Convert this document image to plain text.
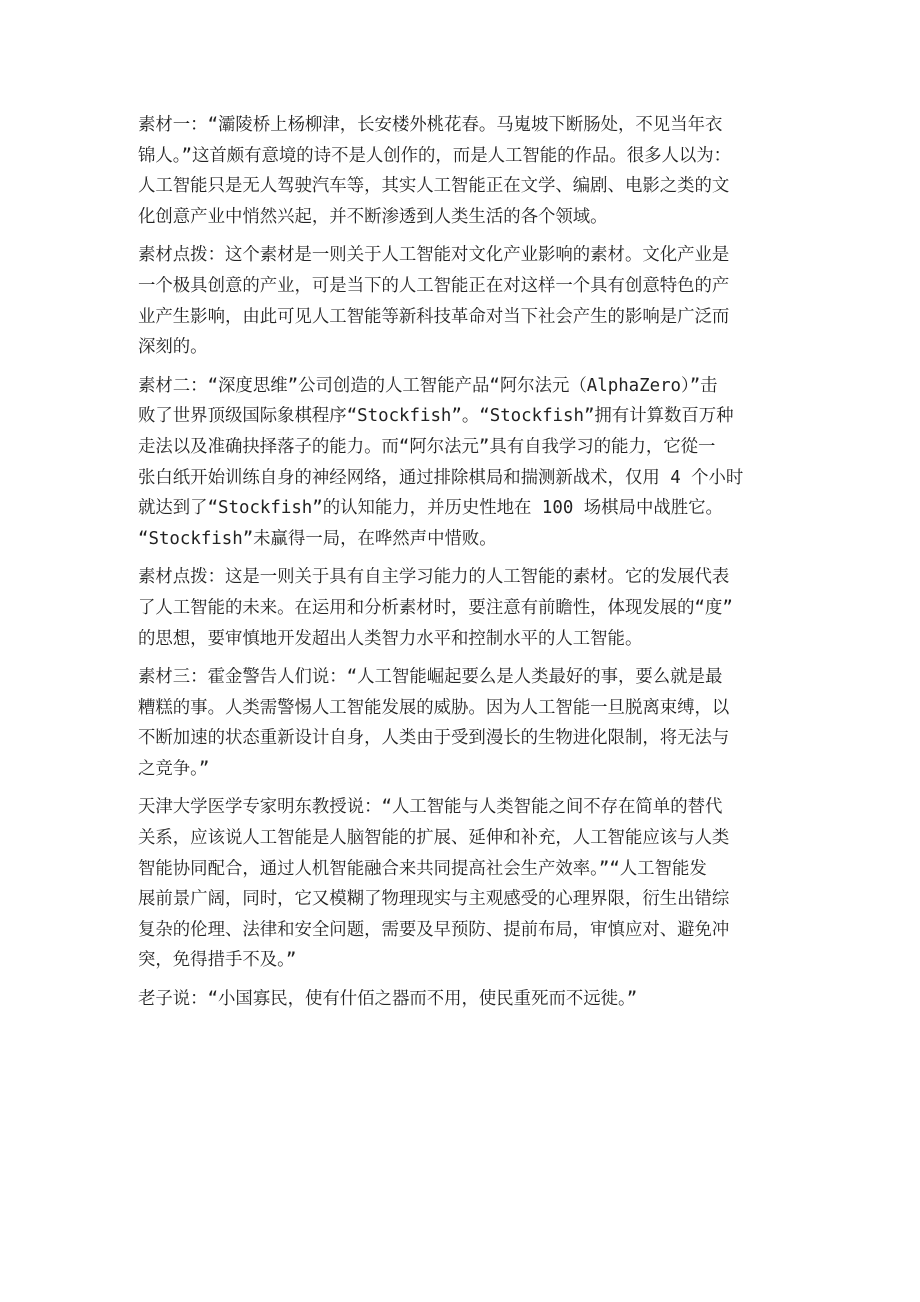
素材一：“灞陵桥上杨柳津，长安楼外桃花春。马嵬坡下断肠处，不见当年衣
锦人。”这首颇有意境的诗不是人创作的，而是人工智能的作品。很多人以为：
人工智能只是无人驾驶汽车等，其实人工智能正在文学、编剧、电影之类的文
化创意产业中悄然兴起，并不断渗透到人类生活的各个领域。

素材点拨：这个素材是一则关于人工智能对文化产业影响的素材。文化产业是
一个极具创意的产业，可是当下的人工智能正在对这样一个具有创意特色的产
业产生影响，由此可见人工智能等新科技革命对当下社会产生的影响是广泛而
深刻的。

素材二：“深度思维”公司创造的人工智能产品“阿尔法元（AlphaZero）”击
败了世界顶级国际象棋程序“Stockfish”。“Stockfish”拥有计算数百万种
走法以及准确抉择落子的能力。而“阿尔法元”具有自我学习的能力，它從一
张白纸开始训练自身的神经网络，通过排除棋局和揣测新战术，仅用 4 个小时
就达到了“Stockfish”的认知能力，并历史性地在 100 场棋局中战胜它。
“Stockfish”未赢得一局，在哗然声中惜败。

素材点拨：这是一则关于具有自主学习能力的人工智能的素材。它的发展代表
了人工智能的未来。在运用和分析素材时，要注意有前瞻性，体现发展的“度”
的思想，要审慎地开发超出人类智力水平和控制水平的人工智能。

素材三：霍金警告人们说：“人工智能崛起要么是人类最好的事，要么就是最
糟糕的事。人类需警惕人工智能发展的威胁。因为人工智能一旦脱离束缚，以
不断加速的状态重新设计自身，人类由于受到漫长的生物进化限制，将无法与
之竞争。”

天津大学医学专家明东教授说：“人工智能与人类智能之间不存在简单的替代
关系，应该说人工智能是人脑智能的扩展、延伸和补充，人工智能应该与人类
智能协同配合，通过人机智能融合来共同提高社会生产效率。”“人工智能发
展前景广阔，同时，它又模糊了物理现实与主观感受的心理界限，衍生出错综
复杂的伦理、法律和安全问题，需要及早预防、提前布局，审慎应对、避免冲
突，免得措手不及。”

老子说：“小国寡民，使有什佰之器而不用，使民重死而不远徙。”
